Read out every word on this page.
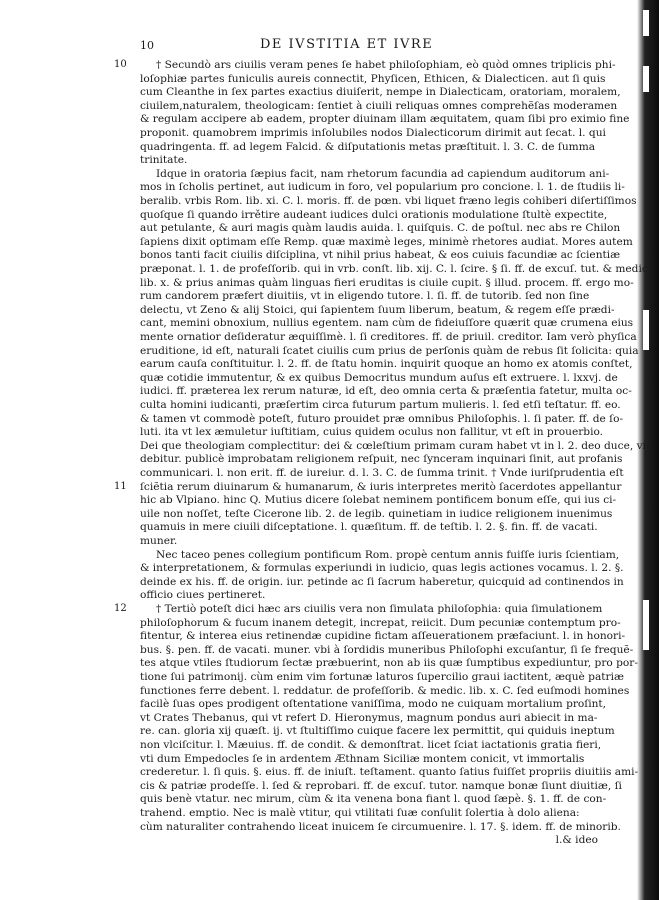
10	DE IVSTITIA ET IVRE
† Secundò ars ciuilis veram penes ſe habet philoſophiam, eò quòd omnes triplicis phi-
10
loſophiæ partes funiculis aureis connectit, Phyſicen, Ethicen, & Dialecticen. aut ſi quis
cum Cleanthe in ſex partes exactius diuiſerit, nempe in Dialecticam, oratoriam, moralem,
ciuilem,naturalem, theologicam: ſentiet à ciuili reliquas omnes comprehẽſas moderamen
& regulam accipere ab eadem, propter diuinam illam æquitatem, quam ſibi pro eximio fine
proponit. quamobrem imprimis inſolubiles nodos Dialecticorum dirimit aut ſecat. l. qui
quadringenta. ff. ad legem Falcid. & diſputationis metas præſtituit. l. 3. C. de ſumma
trinitate.
Idque in oratoria ſæpius facit, nam rhetorum facundia ad capiendum auditorum ani-
mos in ſcholis pertinet, aut iudicum in foro, vel popularium pro concione. l. 1. de ſtudiis li-
beralib. vrbis Rom. lib. xi. C. l. moris. ff. de pœn. vbi liquet fræno legis cohiberi diſertiſſimos
quoſque ſi quando irrětire audeant iudices dulci orationis modulatione ſtultè expectite,
aut petulante, & auri magis quàm laudis auida. l. quiſquis. C. de poſtul. nec abs re Chilon
ſapiens dixit optimam eſſe Remp. quæ maximè leges, minimè rhetores audiat. Mores autem
bonos tanti facit ciuilis diſciplina, vt nihil prius habeat, & eos cuiuis facundiæ ac ſcientiæ
præponat. l. 1. de profeſſorib. qui in vrb. conſt. lib. xij. C. l. ſcire. § ſi. ff. de excuſ. tut. & medic.
lib. x. & prius animas quàm linguas fieri eruditas is ciuile cupit. § illud. procem. ff. ergo mo-
rum candorem præfert diuitiis, vt in eligendo tutore. l. ſi. ff. de tutorib. ſed non ſine
delectu, vt Zeno & alij Stoici, qui ſapientem ſuum liberum, beatum, & regem eſſe prædi-
cant, memini obnoxium, nullius egentem. nam cùm de fideiuſſore quærit quæ crumena eius
mente ornatior deſideratur æquiſſimè. l. ſi creditores. ff. de priuil. creditor. Iam verò phyſica
eruditione, id eſt, naturali ſcatet ciuilis cum prius de perſonis quàm de rebus ſit ſolicita: quia
earum cauſa conſtituitur. l. 2. ff. de ſtatu homin. inquirit quoque an homo ex atomis conſtet,
quæ cotidie immutentur, & ex quibus Democritus mundum auſus eſt extruere. l. lxxvj. de
iudici. ff. præterea lex rerum naturæ, id eſt, deo omnia certa & præſentia fatetur, multa oc-
culta homini iudicanti, præſertim circa futurum partum mulieris. l. ſed etſi teſtatur. ff. eo.
& tamen vt commodè poteſt, futuro prouidet præ omnibus Philoſophis. l. ſi pater. ff. de ſo-
luti. ita vt lex æmuletur iuſtitiam, cuius quidem oculus non fallitur, vt eſt in prouerbio.
Dei que theologiam complectitur: dei & cœleſtium primam curam habet vt in l. 2. deo duce, vi-
debitur. publicè improbatam religionem reſpuit, nec ſynceram inquinari ſinit, aut profanis
communicari. l. non erit. ff. de iureiur. d. l. 3. C. de ſumma trinit. † Vnde iuriſprudentia eſt
ſciẽtia rerum diuinarum & humanarum, & iuris interpretes meritò ſacerdotes appellantur
11
hic ab Vlpiano. hinc Q. Mutius dicere ſolebat neminem pontificem bonum eſſe, qui ius ci-
uile non noſſet, teſte Cicerone lib. 2. de legib. quinetiam in iudice religionem inuenimus
quamuis in mere ciuili diſceptatione. l. quæſitum. ff. de teſtib. l. 2. §. fin. ff. de vacati.
muner.
Nec taceo penes collegium pontificum Rom. propè centum annis fuiſſe iuris ſcientiam,
& interpretationem, & formulas experiundi in iudicio, quas legis actiones vocamus. l. 2. §.
deinde ex his. ff. de origin. iur. petinde ac ſi ſacrum haberetur, quicquid ad continendos in
officio ciues pertineret.
† Tertiò poteſt dici hæc ars ciuilis vera non ſimulata philoſophia: quia ſimulationem
12
philoſophorum & fucum inanem detegit, increpat, reiicit. Dum pecuniæ contemptum pro-
fitentur, & interea eius retinendæ cupidine fictam aſſeuerationem præfaciunt. l. in honori-
bus. §. pen. ff. de vacati. muner. vbi à ſordidis muneribus Philoſophi excuſantur, ſi ſe frequẽ-
tes atque vtiles ſtudiorum ſectæ præbuerint, non ab iis quæ ſumptibus expediuntur, pro por-
tione ſui patrimonij. cùm enim vim fortunæ laturos ſupercilio graui iactitent, æquè patriæ
functiones ferre debent. l. reddatur. de profeſſorib. & medic. lib. x. C. ſed euſmodi homines
facilè ſuas opes prodigent oſtentatione vaniſſima, modo ne cuiquam mortalium proſint,
vt Crates Thebanus, qui vt refert D. Hieronymus, magnum pondus auri abiecit in ma-
re. can. gloria xij quæſt. ij. vt ſtultiſſimo cuique facere lex permittit, qui quiduis ineptum
non vlciſcitur. l. Mæuius. ff. de condit. & demonſtrat. licet ſciat iactationis gratia fieri,
vti dum Empedocles ſe in ardentem Æthnam Siciliæ montem conicit, vt immortalis
crederetur. l. ſi quis. §. eius. ff. de iniuſt. teſtament. quanto ſatius fuiſſet propriis diuitiis ami-
cis & patriæ prodeſſe. l. ſed & reprobari. ff. de excuſ. tutor. namque bonæ ſiunt diuitiæ, ſi
quis benè vtatur. nec mirum, cùm & ita venena bona fiant l. quod ſæpè. §. 1. ff. de con-
trahend. emptio. Nec is malè vtitur, qui vtilitati ſuæ conſulit ſolertia à dolo aliena:
cùm naturaliter contrahendo liceat inuicem ſe circumuenire. l. 17. §. idem. ff. de minorib.
l.& ideo
